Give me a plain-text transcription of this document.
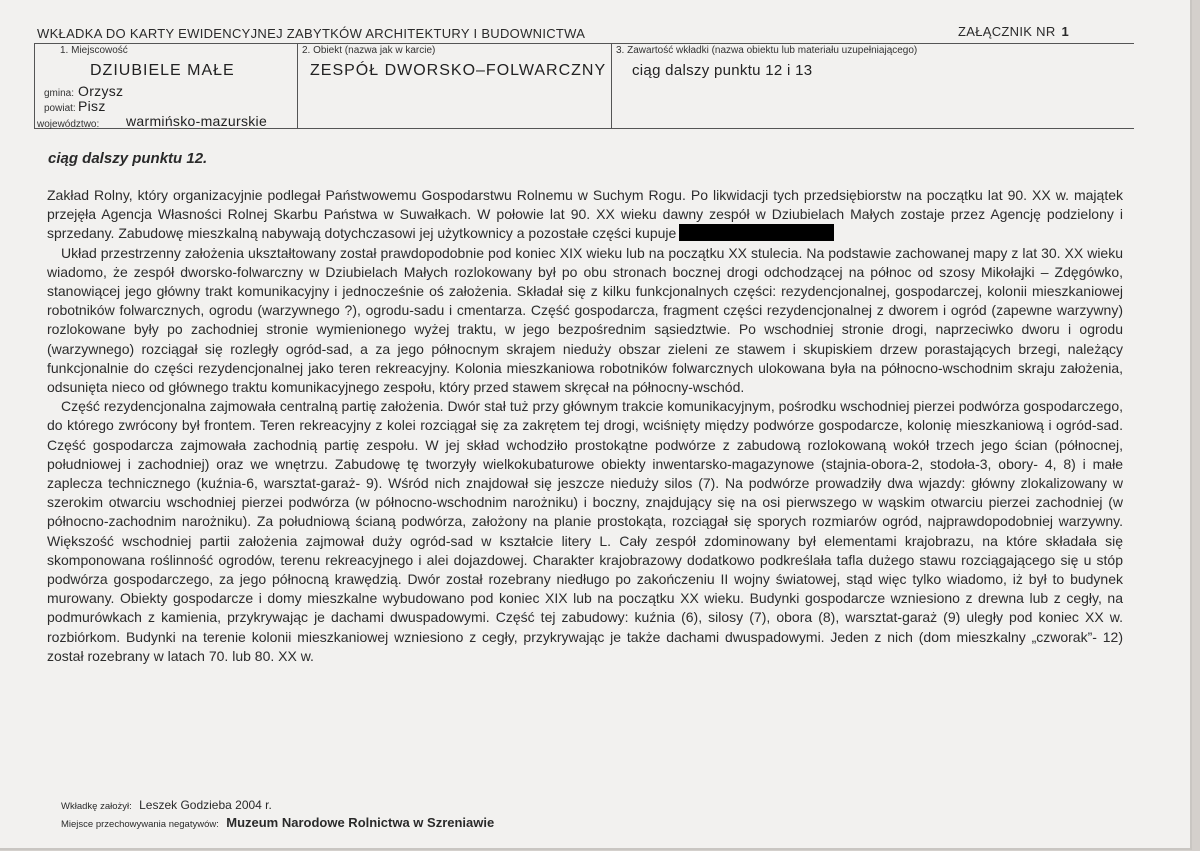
WKŁADKA DO KARTY EWIDENCYJNEJ ZABYTKÓW ARCHITEKTURY I BUDOWNICTWA	ZAŁĄCZNIK NR 1
1. Miejscowość
DZIUBIELE MAŁE
gmina: Orzysz
powiat: Pisz
województwo: warmińsko-mazurskie
2. Obiekt (nazwa jak w karcie)
ZESPÓŁ DWORSKO–FOLWARCZNY
3. Zawartość wkładki (nazwa obiektu lub materiału uzupełniającego)
ciąg dalszy punktu 12 i 13
ciąg dalszy punktu 12.

Zakład Rolny, który organizacyjnie podlegał Państwowemu Gospodarstwu Rolnemu w Suchym Rogu. Po likwidacji tych przedsiębiorstw na początku lat 90. XX w. majątek przejęła Agencja Własności Rolnej Skarbu Państwa w Suwałkach. W połowie lat 90. XX wieku dawny zespół w Dziubielach Małych zostaje przez Agencję podzielony i sprzedany. Zabudowę mieszkalną nabywają dotychczasowi jej użytkownicy a pozostałe części kupuje

Układ przestrzenny założenia ukształtowany został prawdopodobnie pod koniec XIX wieku lub na początku XX stulecia. Na podstawie zachowanej mapy z lat 30. XX wieku wiadomo, że zespół dworsko-folwarczny w Dziubielach Małych rozlokowany był po obu stronach bocznej drogi odchodzącej na północ od szosy Mikołajki – Zdęgówko, stanowiącej jego główny trakt komunikacyjny i jednocześnie oś założenia. Składał się z kilku funkcjonalnych części: rezydencjonalnej, gospodarczej, kolonii mieszkaniowej robotników folwarcznych, ogrodu (warzywnego ?), ogrodu-sadu i cmentarza. Część gospodarcza, fragment części rezydencjonalnej z dworem i ogród (zapewne warzywny) rozlokowane były po zachodniej stronie wymienionego wyżej traktu, w jego bezpośrednim sąsiedztwie. Po wschodniej stronie drogi, naprzeciwko dworu i ogrodu (warzywnego) rozciągał się rozległy ogród-sad, a za jego północnym skrajem nieduży obszar zieleni ze stawem i skupiskiem drzew porastających brzegi, należący funkcjonalnie do części rezydencjonalnej jako teren rekreacyjny. Kolonia mieszkaniowa robotników folwarcznych ulokowana była na północno-wschodnim skraju założenia, odsunięta nieco od głównego traktu komunikacyjnego zespołu, który przed stawem skręcał na północny-wschód.

Część rezydencjonalna zajmowała centralną partię założenia. Dwór stał tuż przy głównym trakcie komunikacyjnym, pośrodku wschodniej pierzei podwórza gospodarczego, do którego zwrócony był frontem. Teren rekreacyjny z kolei rozciągał się za zakrętem tej drogi, wciśnięty między podwórze gospodarcze, kolonię mieszkaniową i ogród-sad. Część gospodarcza zajmowała zachodnią partię zespołu. W jej skład wchodziło prostokątne podwórze z zabudową rozlokowaną wokół trzech jego ścian (północnej, południowej i zachodniej) oraz we wnętrzu. Zabudowę tę tworzyły wielkokubaturowe obiekty inwentarsko-magazynowe (stajnia-obora-2, stodoła-3, obory- 4, 8) i małe zaplecza technicznego (kuźnia-6, warsztat-garaż- 9). Wśród nich znajdował się jeszcze nieduży silos (7). Na podwórze prowadziły dwa wjazdy: główny zlokalizowany w szerokim otwarciu wschodniej pierzei podwórza (w północno-wschodnim narożniku) i boczny, znajdujący się na osi pierwszego w wąskim otwarciu pierzei zachodniej (w północno-zachodnim narożniku). Za południową ścianą podwórza, założony na planie prostokąta, rozciągał się sporych rozmiarów ogród, najprawdopodobniej warzywny. Większość wschodniej partii założenia zajmował duży ogród-sad w kształcie litery L. Cały zespół zdominowany był elementami krajobrazu, na które składała się skomponowana roślinność ogrodów, terenu rekreacyjnego i alei dojazdowej. Charakter krajobrazowy dodatkowo podkreślała tafla dużego stawu rozciągającego się u stóp podwórza gospodarczego, za jego północną krawędzią. Dwór został rozebrany niedługo po zakończeniu II wojny światowej, stąd więc tylko wiadomo, iż był to budynek murowany. Obiekty gospodarcze i domy mieszkalne wybudowano pod koniec XIX lub na początku XX wieku. Budynki gospodarcze wzniesiono z drewna lub z cegły, na podmurówkach z kamienia, przykrywając je dachami dwuspadowymi. Część tej zabudowy: kuźnia (6), silosy (7), obora (8), warsztat-garaż (9) uległy pod koniec XX w. rozbiórkom. Budynki na terenie kolonii mieszkaniowej wzniesiono z cegły, przykrywając je także dachami dwuspadowymi. Jeden z nich (dom mieszkalny „czworak”- 12) został rozebrany w latach 70. lub 80. XX w.

Wkładkę założył: Leszek Godzieba 2004 r.
Miejsce przechowywania negatywów: Muzeum Narodowe Rolnictwa w Szreniawie
